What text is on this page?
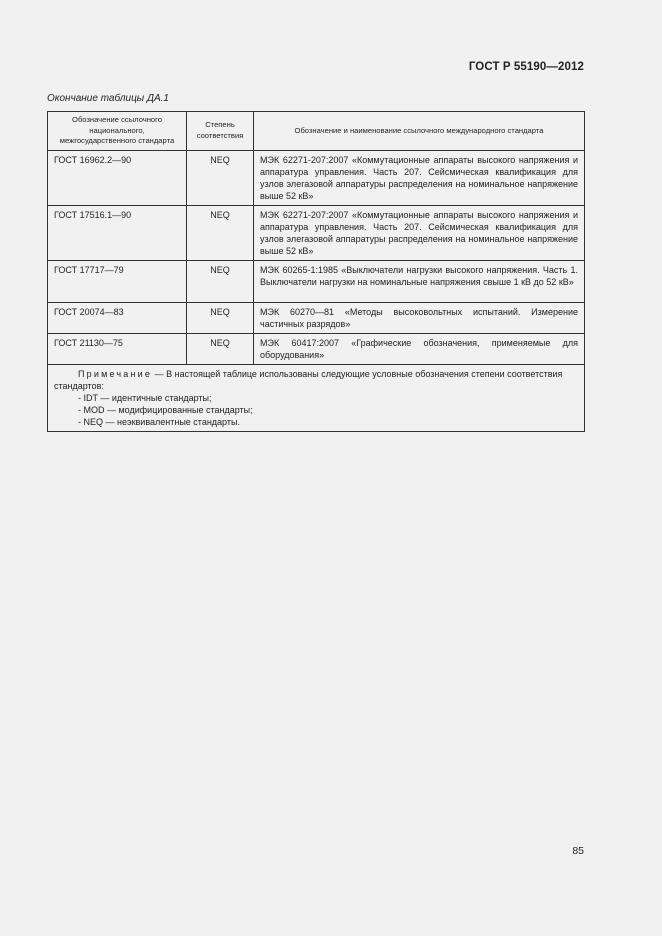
ГОСТ Р 55190—2012
Окончание таблицы ДА.1
Обозначение ссылочного национального, межгосударственного стандарта	Степень соответствия	Обозначение и наименование ссылочного международного стандарта
ГОСТ 16962.2—90	NEQ	МЭК 62271-207:2007 «Коммутационные аппараты высокого напряжения и аппаратура управления. Часть 207. Сейсмическая квалификация для узлов элегазовой аппаратуры распределения на номинальное напряжение выше 52 кВ»
ГОСТ 17516.1—90	NEQ	МЭК 62271-207:2007 «Коммутационные аппараты высокого напряжения и аппаратура управления. Часть 207. Сейсмическая квалификация для узлов элегазовой аппаратуры распределения на номинальное напряжение выше 52 кВ»
ГОСТ 17717—79	NEQ	МЭК 60265-1:1985 «Выключатели нагрузки высокого напряжения. Часть 1. Выключатели нагрузки на номинальные напряжения свыше 1 кВ до 52 кВ»
ГОСТ 20074—83	NEQ	МЭК 60270—81 «Методы высоковольтных испытаний. Измерение частичных разрядов»
ГОСТ 21130—75	NEQ	МЭК 60417:2007 «Графические обозначения, применяемые для оборудования»
Примечание — В настоящей таблице использованы следующие условные обозначения степени соответствия стандартов:
- IDT — идентичные стандарты;
- MOD — модифицированные стандарты;
- NEQ — неэквивалентные стандарты.		
85
